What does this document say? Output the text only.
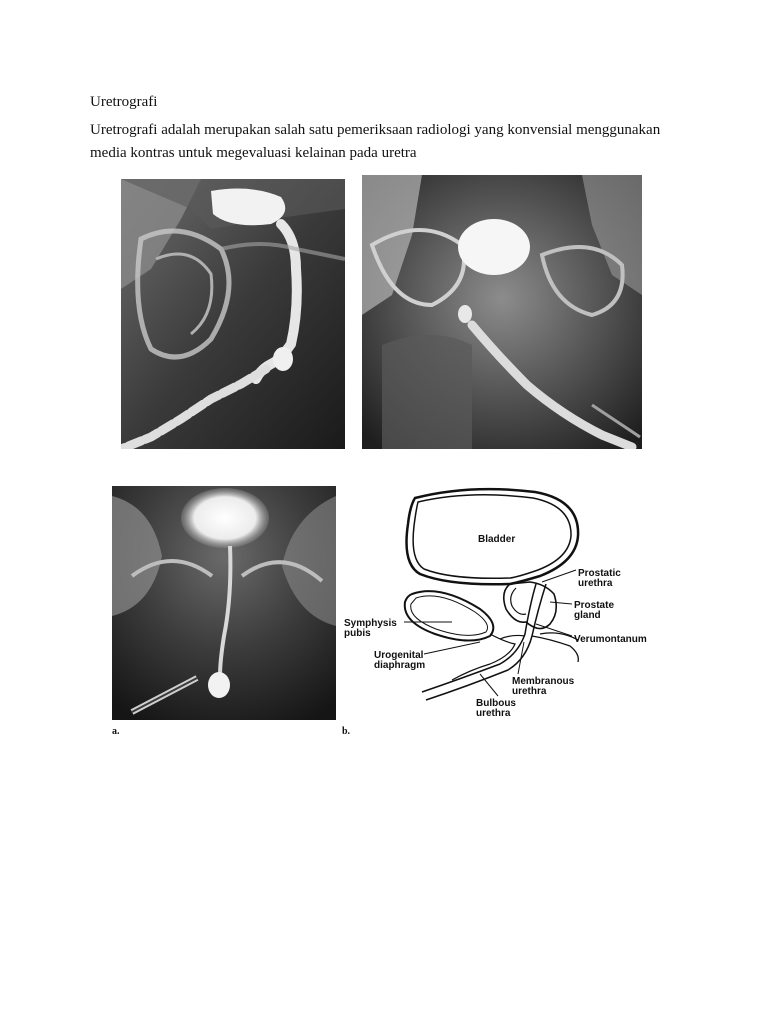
Uretrografi
Uretrografi adalah merupakan salah satu pemeriksaan radiologi yang konvensial menggunakan media kontras untuk megevaluasi kelainan pada uretra
Bladder
Prostatic
urethra
Prostate
gland
Verumontanum
Symphysis
pubis
Urogenital
diaphragm
Membranous
urethra
Bulbous
urethra
a.	b.
